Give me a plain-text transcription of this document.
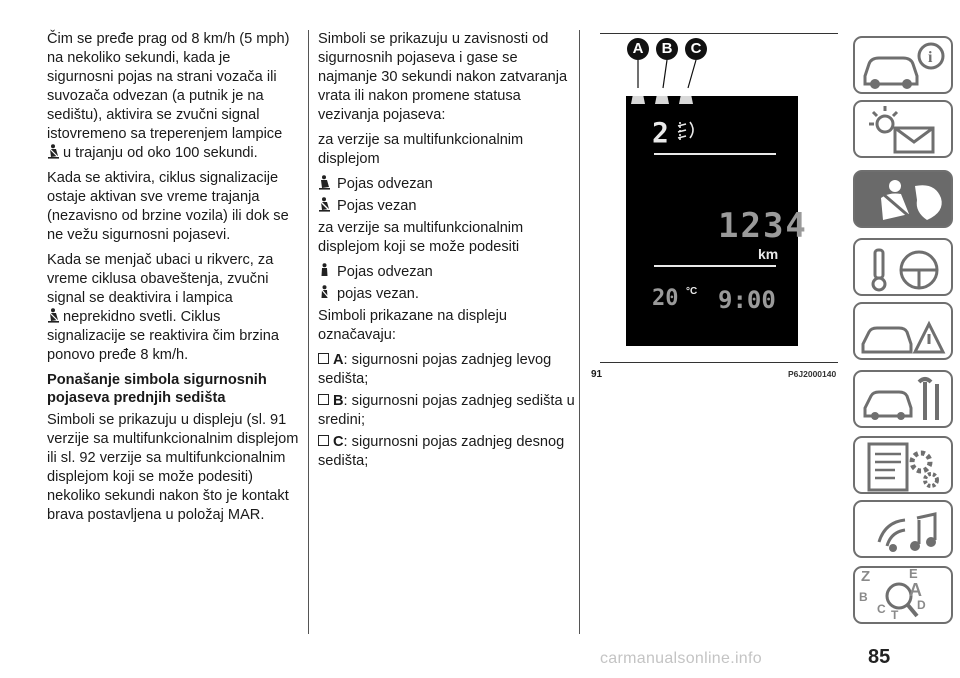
Čim se pređe prag od 8 km/h (5 mph) na nekoliko sekundi, kada je sigurnosni pojas na strani vozača ili suvozača odvezan (a putnik je na sedištu), aktivira se zvučni signal istovremeno sa treperenjem lampice
u trajanju od oko 100 sekundi.

Kada se aktivira, ciklus signalizacije ostaje aktivan sve vreme trajanja (nezavisno od brzine vozila) ili dok se ne vežu sigurnosni pojasevi.

Kada se menjač ubaci u rikverc, za vreme ciklusa obaveštenja, zvučni signal se deaktivira i lampica

neprekidno svetli. Ciklus signalizacije se reaktivira čim brzina ponovo pređe 8 km/h.

Ponašanje simbola sigurnosnih pojaseva prednjih sedišta

Simboli se prikazuju u displeju (sl. 91 verzije sa multifunkcionalnim displejom ili sl. 92 verzije sa multifunkcionalnim displejom koji se može podesiti) nekoliko sekundi nakon što je kontakt brava postavljena u položaj MAR.

Simboli se prikazuju u zavisnosti od sigurnosnih pojaseva i gase se najmanje 30 sekundi nakon zatvaranja vrata ili nakon promene statusa vezivanja pojaseva:

za verzije sa multifunkcionalnim displejom

Pojas odvezan
Pojas vezan

za verzije sa multifunkcionalnim displejom koji se može podesiti

Pojas odvezan
pojas vezan.

Simboli prikazane na displeju označavaju:

A: sigurnosni pojas zadnjeg levog sedišta;
B: sigurnosni pojas zadnjeg sedišta u sredini;
C: sigurnosni pojas zadnjeg desnog sedišta;
A	B	C
2
1234
km
20 °C 9:00
91	P6J2000140
i
Z	E
A
B
C	D
T
85
carmanualsonline.info
